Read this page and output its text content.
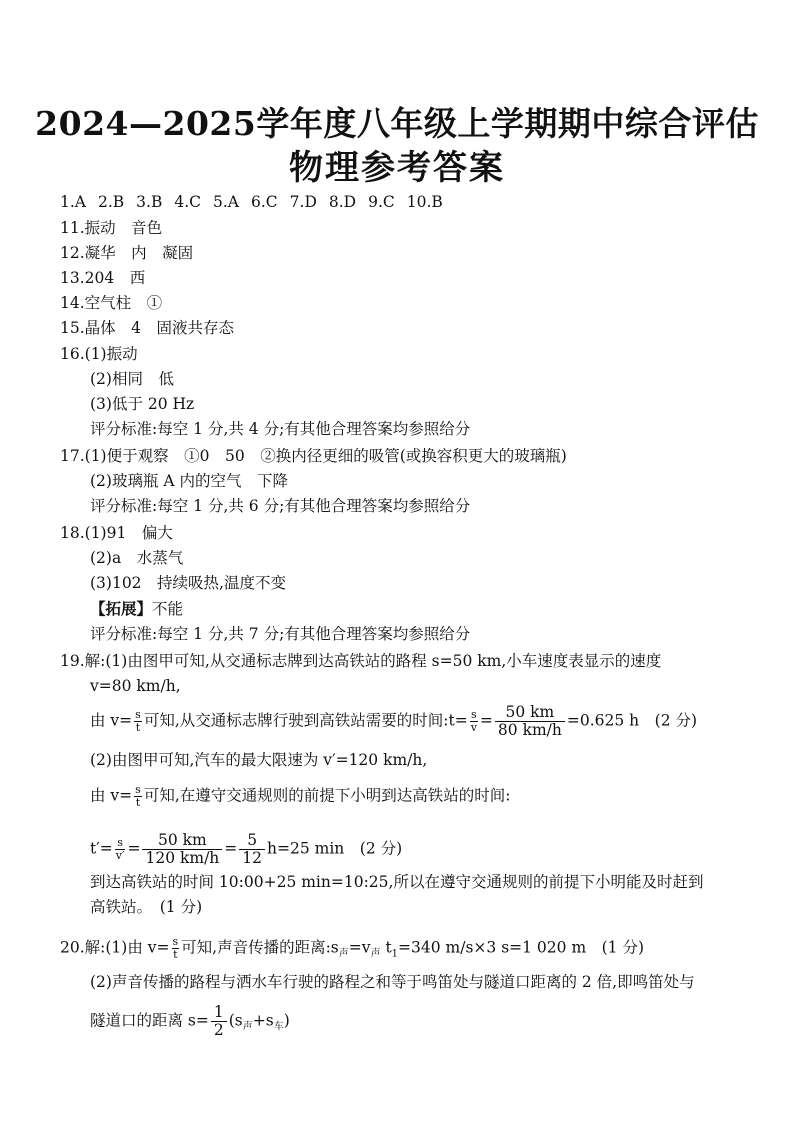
2024—2025学年度八年级上学期期中综合评估
物理参考答案
1.A 2.B 3.B 4.C 5.A 6.C 7.D 8.D 9.C 10.B
11.振动　音色
12.凝华　内　凝固
13.204　西
14.空气柱　①
15.晶体　4　固液共存态
16.(1)振动
(2)相同　低
(3)低于 20 Hz
评分标准:每空 1 分,共 4 分;有其他合理答案均参照给分
17.(1)便于观察　①0　50　②换内径更细的吸管(或换容积更大的玻璃瓶)
(2)玻璃瓶 A 内的空气　下降
评分标准:每空 1 分,共 6 分;有其他合理答案均参照给分
18.(1)91　偏大
(2)a　水蒸气
(3)102　持续吸热,温度不变
【拓展】不能
评分标准:每空 1 分,共 7 分;有其他合理答案均参照给分
19.解:(1)由图甲可知,从交通标志牌到达高铁站的路程 s=50 km,小车速度表显示的速度
v=80 km/h,
由 $v= \frac{s}{t}$ 可知,从交通标志牌行驶到高铁站需要的时间:t= $\frac{s}{v} = \frac{50 km}{80 km/h} =0.625$ h　(2 分)
(2)由图甲可知,汽车的最大限速为 v′=120 km/h,
由 $v= \frac{s}{t}$ 可知,在遵守交通规则的前提下小明到达高铁站的时间:
$t'= \frac{s}{v'} = \frac{50 km}{120 km/h} = \frac{5}{12} h=25$ min　(2 分)
到达高铁站的时间 10:00+25 min=10:25,所以在遵守交通规则的前提下小明能及时赶到
高铁站。　(1 分)
20.解:(1)由 $v= \frac{s}{t}$ 可知,声音传播的距离$:s_声=v_声$ $t_1=340$ m/s×3 s=1 020 m　(1 分)
(2)声音传播的路程与洒水车行驶的路程之和等于鸣笛处与隧道口距离的 2 倍,即鸣笛处与
隧道口的距离 $s= \frac{1}{2} (s_声+s_车)$
